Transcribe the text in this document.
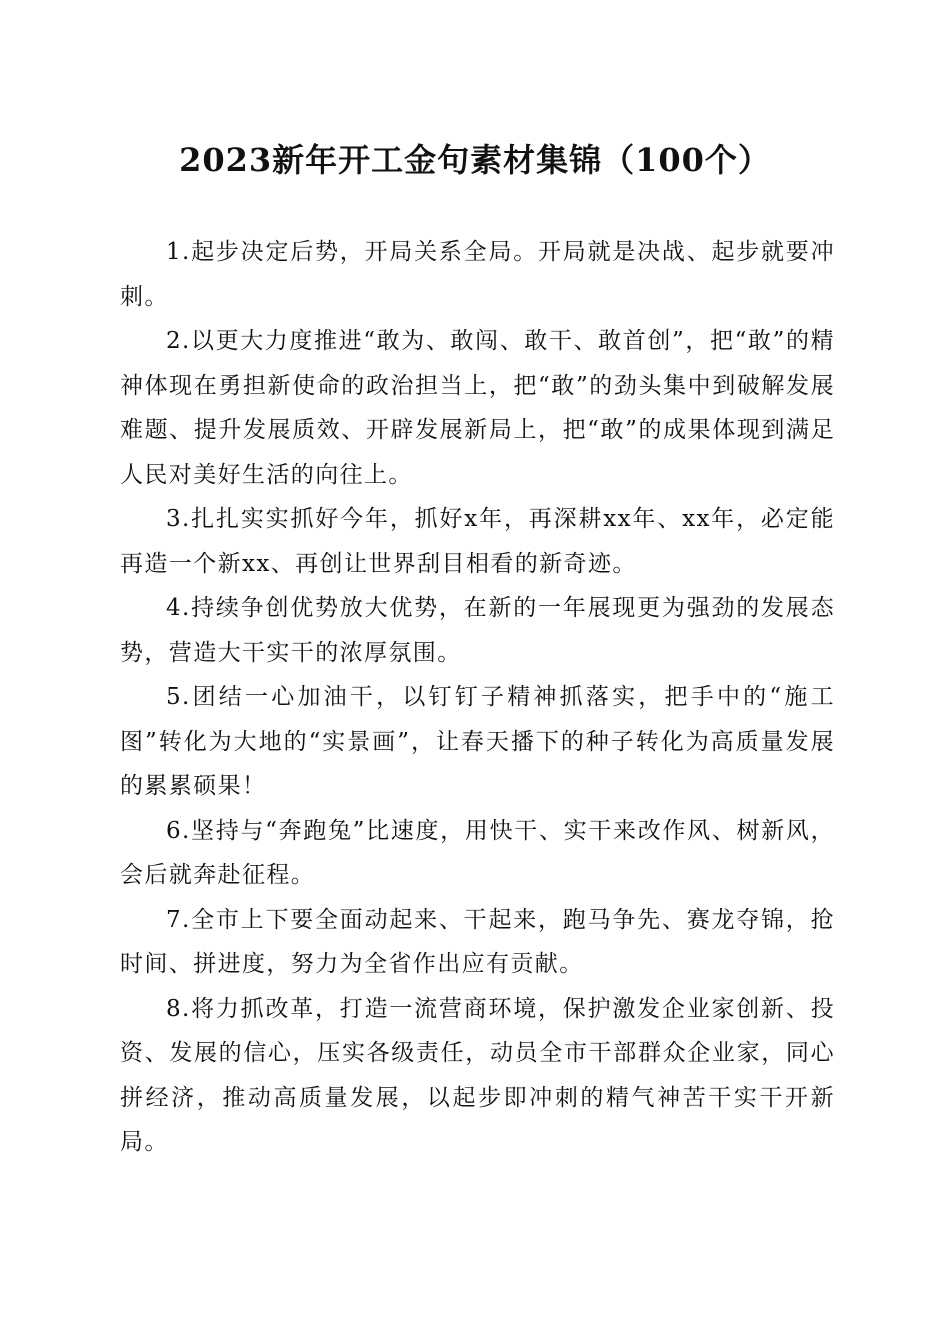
2023新年开工金句素材集锦（100个）

1.起步决定后势，开局关系全局。开局就是决战、起步就要冲刺。

2.以更大力度推进“敢为、敢闯、敢干、敢首创”，把“敢”的精神体现在勇担新使命的政治担当上，把“敢”的劲头集中到破解发展难题、提升发展质效、开辟发展新局上，把“敢”的成果体现到满足人民对美好生活的向往上。

3.扎扎实实抓好今年，抓好x年，再深耕xx年、xx年，必定能再造一个新xx、再创让世界刮目相看的新奇迹。

4.持续争创优势放大优势，在新的一年展现更为强劲的发展态势，营造大干实干的浓厚氛围。

5.团结一心加油干，以钉钉子精神抓落实，把手中的“施工图”转化为大地的“实景画”，让春天播下的种子转化为高质量发展的累累硕果！

6.坚持与“奔跑兔”比速度，用快干、实干来改作风、树新风，会后就奔赴征程。

7.全市上下要全面动起来、干起来，跑马争先、赛龙夺锦，抢时间、拼进度，努力为全省作出应有贡献。

8.将力抓改革，打造一流营商环境，保护激发企业家创新、投资、发展的信心，压实各级责任，动员全市干部群众企业家，同心拼经济，推动高质量发展，以起步即冲刺的精气神苦干实干开新局。
